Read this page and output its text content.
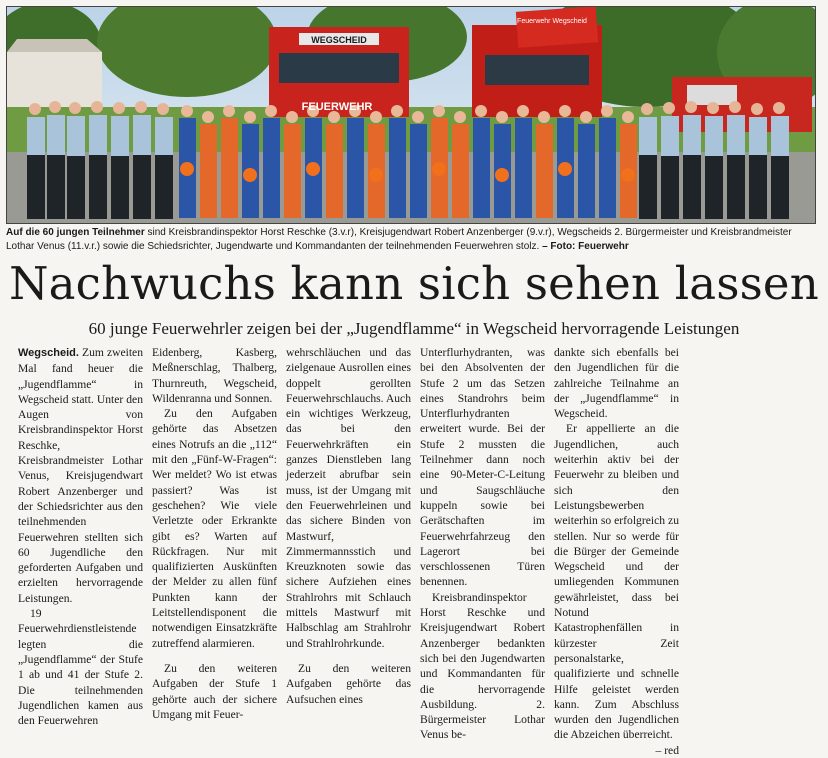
WEGSCHEID
Feuerwehr Wegscheid
FEUERWEHR
Auf die 60 jungen Teilnehmer sind Kreisbrandinspektor Horst Reschke (3.v.r), Kreisjugendwart Robert Anzenberger (9.v.r), Wegscheids 2. Bürgermeister und Kreisbrandmeister Lothar Venus (11.v.r.) sowie die Schiedsrichter, Jugendwarte und Kommandanten der teilnehmenden Feuerwehren stolz. – Foto: Feuerwehr
Nachwuchs kann sich sehen lassen
60 junge Feuerwehrler zeigen bei der „Jugendflamme“ in Wegscheid hervorragende Leistungen

Wegscheid. Zum zweiten Mal fand heuer die „Jugendflamme“ in Wegscheid statt. Unter den Augen von Kreisbrandinspektor Horst Reschke, Kreisbrandmeister Lothar Venus, Kreisjugendwart Robert Anzenberger und der Schiedsrichter aus den teilnehmenden Feuerwehren stellten sich 60 Jugendliche den geforderten Aufgaben und erzielten hervorragende Leistungen.

19 Feuerwehrdienstleistende legten die „Jugendflamme“ der Stufe 1 ab und 41 der Stufe 2. Die teilnehmenden Jugendlichen kamen aus den Feuerwehren

Eidenberg, Kasberg, Meßnerschlag, Thalberg, Thurnreuth, Wegscheid, Wildenranna und Sonnen.

Zu den Aufgaben gehörte das Absetzen eines Notrufs an die „112“ mit den „Fünf-W-Fragen“: Wer meldet? Wo ist etwas passiert? Was ist geschehen? Wie viele Verletzte oder Erkrankte gibt es? Warten auf Rückfragen. Nur mit qualifizierten Auskünften der Melder zu allen fünf Punkten kann der Leitstellendisponent die notwendigen Einsatzkräfte zutreffend alarmieren.

Zu den weiteren Aufgaben der Stufe 1 gehörte auch der sichere Umgang mit Feuer-

wehrschläuchen und das zielgenaue Ausrollen eines doppelt gerollten Feuerwehrschlauchs. Auch ein wichtiges Werkzeug, das bei den Feuerwehrkräften ein ganzes Dienstleben lang jederzeit abrufbar sein muss, ist der Umgang mit den Feuerwehrleinen und das sichere Binden von Mastwurf, Zimmermannsstich und Kreuzknoten sowie das sichere Aufziehen eines Strahlrohrs mit Schlauch mittels Mastwurf mit Halbschlag am Strahlrohr und Strahlrohrkunde.

Zu den weiteren Aufgaben gehörte das Aufsuchen eines

Unterflurhydranten, was bei den Absolventen der Stufe 2 um das Setzen eines Standrohrs beim Unterflurhydranten erweitert wurde. Bei der Stufe 2 mussten die Teilnehmer dann noch eine 90-Meter-C-Leitung und Saugschläuche kuppeln sowie bei Gerätschaften im Feuerwehrfahrzeug den Lagerort bei verschlossenen Türen benennen.

Kreisbrandinspektor Horst Reschke und Kreisjugendwart Robert Anzenberger bedankten sich bei den Jugendwarten und Kommandanten für die hervorragende Ausbildung. 2. Bürgermeister Lothar Venus be-

dankte sich ebenfalls bei den Jugendlichen für die zahlreiche Teilnahme an der „Jugendflamme“ in Wegscheid.

Er appellierte an die Jugendlichen, auch weiterhin aktiv bei der Feuerwehr zu bleiben und sich den Leistungsbewerben weiterhin so erfolgreich zu stellen. Nur so werde für die Bürger der Gemeinde Wegscheid und der umliegenden Kommunen gewährleistet, dass bei Notund Katastrophenfällen in kürzester Zeit personalstarke, qualifizierte und schnelle Hilfe geleistet werden kann. Zum Abschluss wurden den Jugendlichen die Abzeichen überreicht.

– red
